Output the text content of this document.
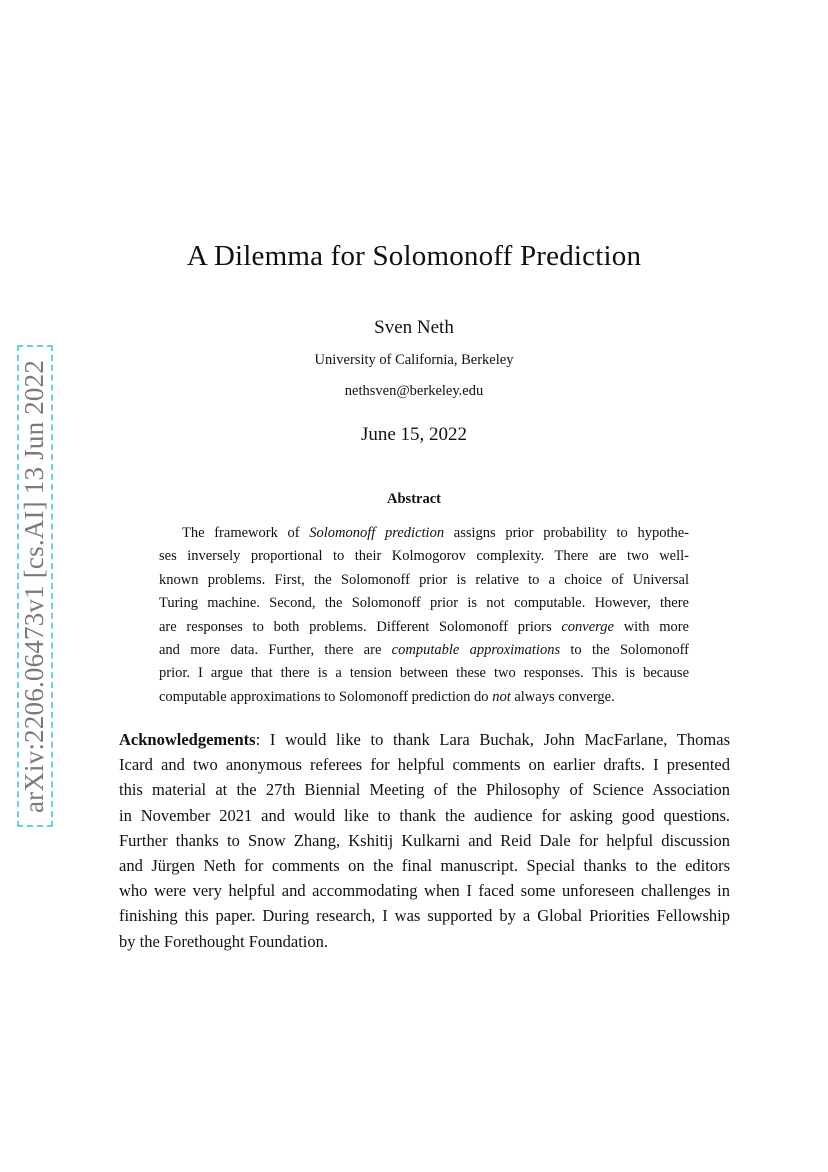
arXiv:2206.06473v1 [cs.AI] 13 Jun 2022
A Dilemma for Solomonoff Prediction
Sven Neth
University of California, Berkeley
nethsven@berkeley.edu
June 15, 2022
Abstract
The framework of Solomonoff prediction assigns prior probability to hypothe-
ses inversely proportional to their Kolmogorov complexity. There are two well-
known problems. First, the Solomonoff prior is relative to a choice of Universal
Turing machine. Second, the Solomonoff prior is not computable. However, there
are responses to both problems. Different Solomonoff priors converge with more
and more data. Further, there are computable approximations to the Solomonoff
prior. I argue that there is a tension between these two responses. This is because
computable approximations to Solomonoff prediction do not always converge.
Acknowledgements: I would like to thank Lara Buchak, John MacFarlane, Thomas
Icard and two anonymous referees for helpful comments on earlier drafts. I presented
this material at the 27th Biennial Meeting of the Philosophy of Science Association
in November 2021 and would like to thank the audience for asking good questions.
Further thanks to Snow Zhang, Kshitij Kulkarni and Reid Dale for helpful discussion
and Jürgen Neth for comments on the final manuscript. Special thanks to the editors
who were very helpful and accommodating when I faced some unforeseen challenges in
finishing this paper. During research, I was supported by a Global Priorities Fellowship
by the Forethought Foundation.
